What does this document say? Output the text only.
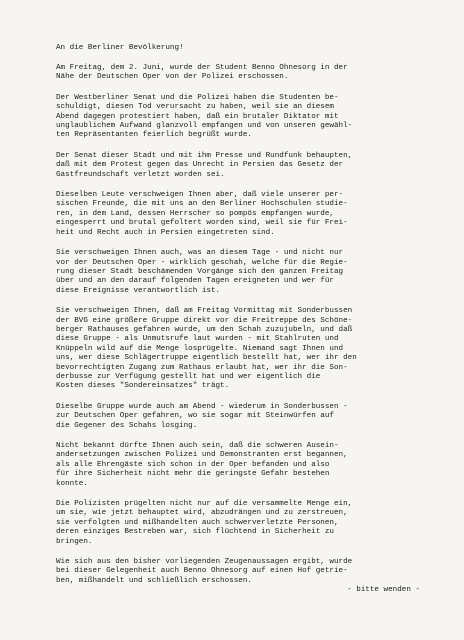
An die Berliner Bevölkerung!
Am Freitag, dem 2. Juni, wurde der Student Benno Ohnesorg in der
Nähe der Deutschen Oper von der Polizei erschossen.
Der Westberliner Senat und die Polizei haben die Studenten be-
schuldigt, diesen Tod verursacht zu haben, weil sie an diesem
Abend dagegen protestiert haben, daß ein brutaler Diktator mit
unglaublichem Aufwand glanzvoll empfangen und von unseren gewähl-
ten Repräsentanten feierlich begrüßt wurde.
Der Senat dieser Stadt und mit ihm Presse und Rundfunk behaupten,
daß mit dem Protest gegen das Unrecht in Persien das Gesetz der
Gastfreundschaft verletzt worden sei.
Dieselben Leute verschweigen Ihnen aber, daß viele unserer per-
sischen Freunde, die mit uns an den Berliner Hochschulen studie-
ren, in dem Land, dessen Herrscher so pompös empfangen wurde,
eingesperrt und brutal gefoltert worden sind, weil sie für Frei-
heit und Recht auch in Persien eingetreten sind.
Sie verschweigen Ihnen auch, was an diesem Tage - und nicht nur
vor der Deutschen Oper - wirklich geschah, welche für die Regie-
rung dieser Stadt beschämenden Vorgänge sich den ganzen Freitag
über und an den darauf folgenden Tagen ereigneten und wer für
diese Ereignisse verantwortlich ist.
Sie verschweigen Ihnen, daß am Freitag Vormittag mit Sonderbussen
der BVG eine größere Gruppe direkt vor die Freitreppe des Schöne-
berger Rathauses gefahren wurde, um den Schah zuzujubeln, und daß
diese Gruppe - als Unmutsrufe laut wurden - mit Stahlruten und
Knüppeln wild auf die Menge losprügelte. Niemand sagt Ihnen und
uns, wer diese Schlägertruppe eigentlich bestellt hat, wer ihr den
bevorrechtigten Zugang zum Rathaus erlaubt hat, wer ihr die Son-
derbusse zur Verfügung gestellt hat und wer eigentlich die
Kosten dieses "Sondereinsatzes" trägt.
Dieselbe Gruppe wurde auch am Abend - wiederum in Sonderbussen -
zur Deutschen Oper gefahren, wo sie sogar mit Steinwürfen auf
die Gegener des Schahs losging.
Nicht bekannt dürfte Ihnen auch sein, daß die schweren Ausein-
andersetzungen zwischen Polizei und Demonstranten erst begannen,
als alle Ehrengäste sich schon in der Oper befanden und also
für ihre Sicherheit nicht mehr die geringste Gefahr bestehen
konnte.
Die Polizisten prügelten nicht nur auf die versammelte Menge ein,
um sie, wie jetzt behauptet wird, abzudrängen und zu zerstreuen,
sie verfolgten und mißhandelten auch schwerverletzte Personen,
deren einziges Bestreben war, sich flüchtend in Sicherheit zu
bringen.
Wie sich aus den bisher vorliegenden Zeugenaussagen ergibt, wurde
bei dieser Gelegenheit auch Benno Ohnesorg auf einen Hof getrie-
ben, mißhandelt und schließlich erschossen.
- bitte wenden -
